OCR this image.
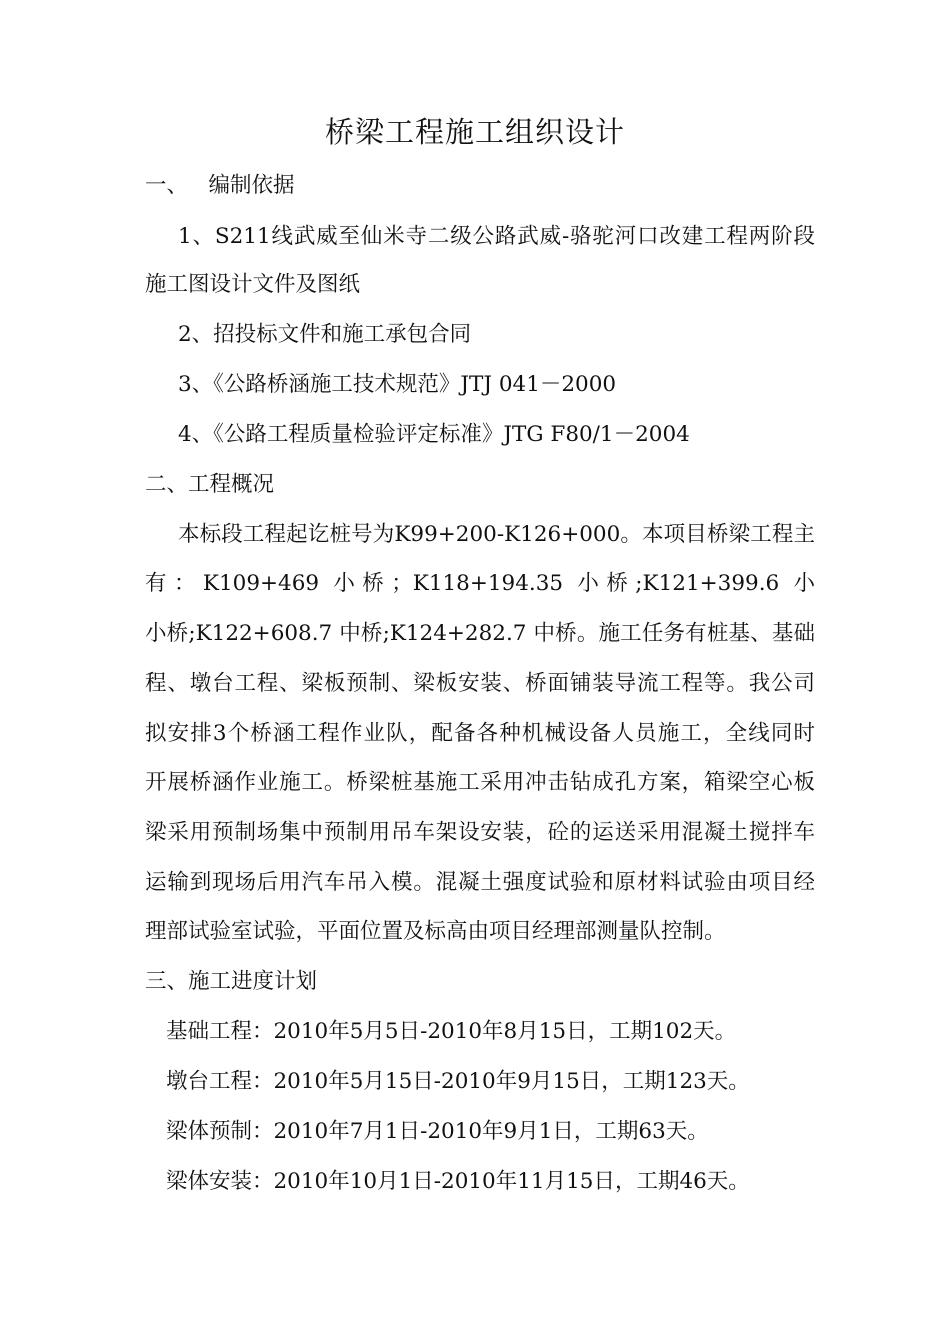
桥梁工程施工组织设计
一、   编制依据
1、S211线武威至仙米寺二级公路武威-骆驼河口改建工程两阶段
施工图设计文件及图纸
2、招投标文件和施工承包合同
3、《公路桥涵施工技术规范》JTJ 041－2000
4、《公路工程质量检验评定标准》JTG F80/1－2004
二、工程概况
本标段工程起讫桩号为K99+200-K126+000。本项目桥梁工程主
有：K109+469 小桥；K118+194.35 小桥;K121+399.6 小
小桥;K122+608.7 中桥;K124+282.7 中桥。施工任务有桩基、基础
程、墩台工程、梁板预制、梁板安装、桥面铺装导流工程等。我公司
拟安排3个桥涵工程作业队，配备各种机械设备人员施工，全线同时
开展桥涵作业施工。桥梁桩基施工采用冲击钻成孔方案，箱梁空心板
梁采用预制场集中预制用吊车架设安装，砼的运送采用混凝土搅拌车
运输到现场后用汽车吊入模。混凝土强度试验和原材料试验由项目经
理部试验室试验，平面位置及标高由项目经理部测量队控制。
三、施工进度计划
基础工程：2010年5月5日-2010年8月15日，工期102天。
墩台工程：2010年5月15日-2010年9月15日，工期123天。
梁体预制：2010年7月1日-2010年9月1日，工期63天。
梁体安装：2010年10月1日-2010年11月15日，工期46天。
